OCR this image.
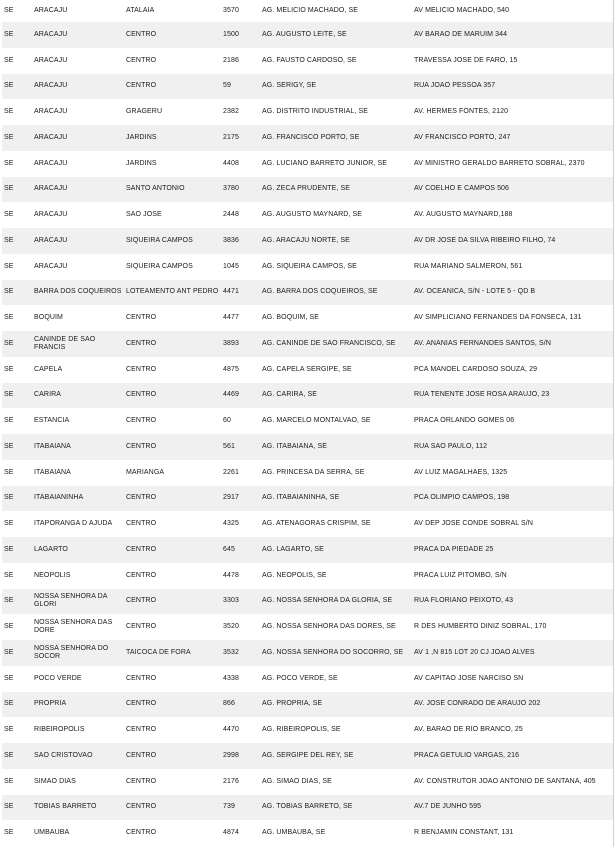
SE	ARACAJU	ATALAIA	3570	AG. MELICIO MACHADO, SE	AV MELICIO MACHADO, 540
SE	ARACAJU	CENTRO	1500	AG. AUGUSTO LEITE, SE	AV BARAO DE MARUIM 344
SE	ARACAJU	CENTRO	2186	AG. FAUSTO CARDOSO, SE	TRAVESSA JOSE DE FARO, 15
SE	ARACAJU	CENTRO	59	AG. SERIGY, SE	RUA JOAO PESSOA 357
SE	ARACAJU	GRAGERU	2382	AG. DISTRITO INDUSTRIAL, SE	AV. HERMES FONTES, 2120
SE	ARACAJU	JARDINS	2175	AG. FRANCISCO PORTO, SE	AV FRANCISCO PORTO, 247
SE	ARACAJU	JARDINS	4408	AG. LUCIANO BARRETO JUNIOR, SE	AV MINISTRO GERALDO BARRETO SOBRAL, 2370
SE	ARACAJU	SANTO ANTONIO	3780	AG. ZECA PRUDENTE, SE	AV COELHO E CAMPOS 506
SE	ARACAJU	SAO JOSE	2448	AG. AUGUSTO MAYNARD, SE	AV. AUGUSTO MAYNARD,188
SE	ARACAJU	SIQUEIRA CAMPOS	3836	AG. ARACAJU NORTE, SE	AV DR JOSE DA SILVA RIBEIRO FILHO, 74
SE	ARACAJU	SIQUEIRA CAMPOS	1045	AG. SIQUEIRA CAMPOS, SE	RUA MARIANO SALMERON, 561
SE	BARRA DOS COQUEIROS	LOTEAMENTO ANT PEDRO	4471	AG. BARRA DOS COQUEIROS, SE	AV. OCEANICA, S/N - LOTE 5 - QD B
SE	BOQUIM	CENTRO	4477	AG. BOQUIM, SE	AV SIMPLICIANO FERNANDES DA FONSECA, 131
SE	CANINDE DE SAO FRANCIS	CENTRO	3893	AG. CANINDE DE SAO FRANCISCO, SE	AV. ANANIAS FERNANDES SANTOS, S/N
SE	CAPELA	CENTRO	4875	AG. CAPELA SERGIPE, SE	PCA MANOEL CARDOSO SOUZA, 29
SE	CARIRA	CENTRO	4469	AG. CARIRA, SE	RUA TENENTE JOSE ROSA ARAUJO, 23
SE	ESTANCIA	CENTRO	60	AG. MARCELO MONTALVAO, SE	PRACA ORLANDO GOMES 06
SE	ITABAIANA	CENTRO	561	AG. ITABAIANA, SE	RUA SAO PAULO, 112
SE	ITABAIANA	MARIANGA	2261	AG. PRINCESA DA SERRA, SE	AV LUIZ MAGALHAES, 1325
SE	ITABAIANINHA	CENTRO	2917	AG. ITABAIANINHA, SE	PCA OLIMPIO CAMPOS, 198
SE	ITAPORANGA D AJUDA	CENTRO	4325	AG. ATENAGORAS CRISPIM, SE	AV DEP JOSE CONDE SOBRAL S/N
SE	LAGARTO	CENTRO	645	AG. LAGARTO, SE	PRACA DA PIEDADE 25
SE	NEOPOLIS	CENTRO	4478	AG. NEOPOLIS, SE	PRACA LUIZ PITOMBO, S/N
SE	NOSSA SENHORA DA GLORI	CENTRO	3303	AG. NOSSA SENHORA DA GLORIA, SE	RUA FLORIANO PEIXOTO, 43
SE	NOSSA SENHORA DAS DORE	CENTRO	3520	AG. NOSSA SENHORA DAS DORES, SE	R DES HUMBERTO DINIZ SOBRAL, 170
SE	NOSSA SENHORA DO SOCOR	TAICOCA DE FORA	3532	AG. NOSSA SENHORA DO SOCORRO, SE	AV 1 ,N 815 LOT 20 CJ JOAO ALVES
SE	POCO VERDE	CENTRO	4338	AG. POCO VERDE, SE	AV CAPITAO JOSE NARCISO SN
SE	PROPRIA	CENTRO	866	AG. PROPRIA, SE	AV. JOSE CONRADO DE ARAUJO 202
SE	RIBEIROPOLIS	CENTRO	4470	AG. RIBEIROPOLIS, SE	AV. BARAO DE RIO BRANCO, 25
SE	SAO CRISTOVAO	CENTRO	2998	AG. SERGIPE DEL REY, SE	PRACA GETULIO VARGAS, 216
SE	SIMAO DIAS	CENTRO	2176	AG. SIMAO DIAS, SE	AV. CONSTRUTOR JOAO ANTONIO DE SANTANA, 405
SE	TOBIAS BARRETO	CENTRO	739	AG. TOBIAS BARRETO, SE	AV.7 DE JUNHO 595
SE	UMBAUBA	CENTRO	4874	AG. UMBAUBA, SE	R BENJAMIN CONSTANT, 131
